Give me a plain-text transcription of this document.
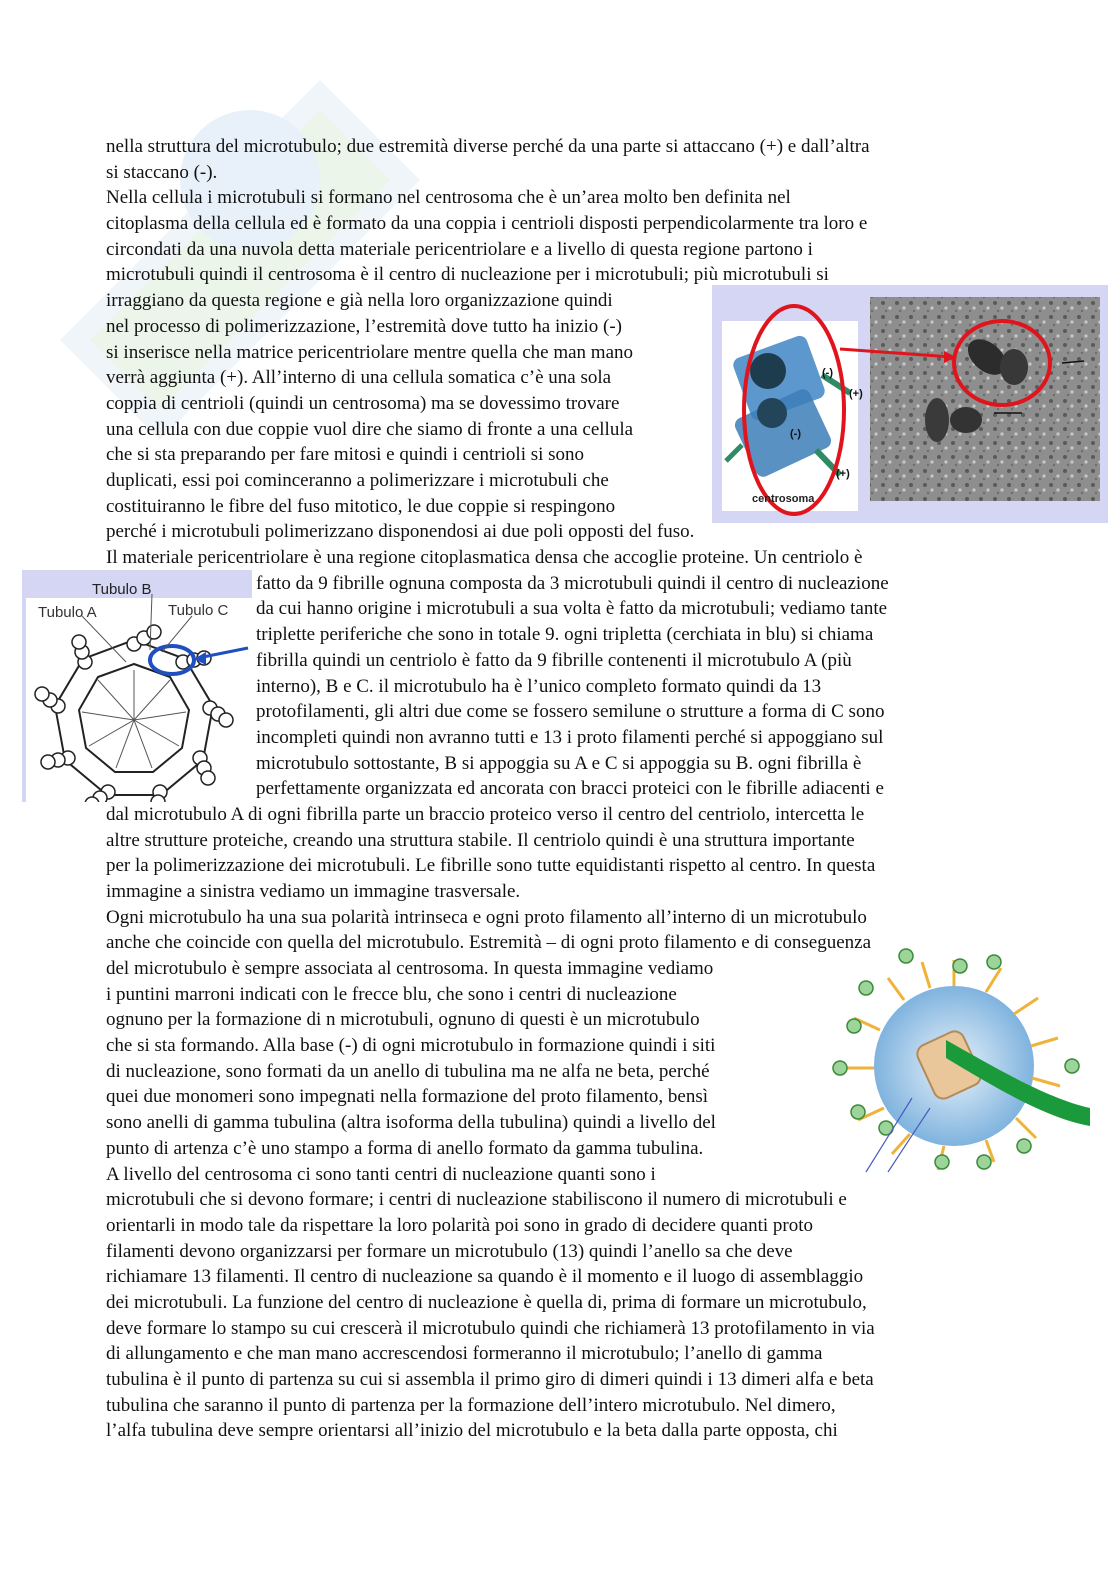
(-)
(+)
(-)
(+)
centrosoma
Tubulo B
Tubulo A	Tubulo C
nella struttura del microtubulo; due estremità diverse perché da una parte si attaccano (+) e dall’altra
si staccano (-).
Nella cellula i microtubuli si formano nel centrosoma che è un’area molto ben definita nel
citoplasma della cellula ed è formato da una coppia i centrioli disposti perpendicolarmente tra loro e
circondati da una nuvola detta materiale pericentriolare e a livello di questa regione partono i
microtubuli quindi il centrosoma è il centro di nucleazione per i microtubuli; più microtubuli si
irraggiano da questa regione e già nella loro organizzazione quindi
nel processo di polimerizzazione, l’estremità dove tutto ha inizio (-)
si inserisce nella matrice pericentriolare mentre quella che man mano
verrà aggiunta (+). All’interno di una cellula somatica c’è una sola
coppia di centrioli (quindi un centrosoma) ma se dovessimo trovare
una cellula con due coppie vuol dire che siamo di fronte a una cellula
che si sta preparando per fare mitosi e quindi i centrioli si sono
duplicati, essi poi cominceranno a polimerizzare i microtubuli che
costituiranno le fibre del fuso mitotico, le due coppie si respingono
perché i microtubuli polimerizzano disponendosi ai due poli opposti del fuso.
Il materiale pericentriolare è una regione citoplasmatica densa che accoglie proteine. Un centriolo è
fatto da 9 fibrille ognuna composta da 3 microtubuli quindi il centro di nucleazione
da cui hanno origine i microtubuli a sua volta è fatto da microtubuli; vediamo tante
triplette periferiche che sono in totale 9. ogni tripletta (cerchiata in blu) si chiama
fibrilla quindi un centriolo è fatto da 9 fibrille contenenti il microtubulo A (più
interno), B e C. il microtubulo ha è l’unico completo formato quindi da 13
protofilamenti, gli altri due come se fossero semilune o strutture a forma di C sono
incompleti quindi non avranno tutti e 13 i proto filamenti perché si appoggiano sul
microtubulo sottostante, B si appoggia su A e C si appoggia su B. ogni fibrilla è
perfettamente organizzata ed ancorata con bracci proteici con le fibrille adiacenti e
dal microtubulo A di ogni fibrilla parte un braccio proteico verso il centro del centriolo, intercetta le
altre strutture proteiche, creando una struttura stabile. Il centriolo quindi è una struttura importante
per la polimerizzazione dei microtubuli. Le fibrille sono tutte equidistanti rispetto al centro. In questa
immagine a sinistra vediamo un immagine trasversale.
Ogni microtubulo ha una sua polarità intrinseca e ogni proto filamento all’interno di un microtubulo
anche che coincide con quella del microtubulo. Estremità – di ogni proto filamento e di conseguenza
del microtubulo è sempre associata al centrosoma. In questa immagine vediamo
i puntini marroni indicati con le frecce blu, che sono i centri di nucleazione
ognuno per la formazione di n microtubuli, ognuno di questi è un microtubulo
che si sta formando. Alla base (-) di ogni microtubulo in formazione quindi i siti
di nucleazione, sono formati da un anello di tubulina ma ne alfa ne beta, perché
quei due monomeri sono impegnati nella formazione del proto filamento, bensì
sono anelli di gamma tubulina (altra isoforma della tubulina) quindi a livello del
punto di artenza c’è uno stampo a forma di anello formato da gamma tubulina.
A livello del centrosoma ci sono tanti centri di nucleazione quanti sono i
microtubuli che si devono formare; i centri di nucleazione stabiliscono il numero di microtubuli e
orientarli in modo tale da rispettare la loro polarità poi sono in grado di decidere quanti proto
filamenti devono organizzarsi per formare un microtubulo (13) quindi l’anello sa che deve
richiamare 13 filamenti. Il centro di nucleazione sa quando è il momento e il luogo di assemblaggio
dei microtubuli. La funzione del centro di nucleazione è quella di, prima di formare un microtubulo,
deve formare lo stampo su cui crescerà il microtubulo quindi che richiamerà 13 protofilamento in via
di allungamento e che man mano accrescendosi formeranno il microtubulo; l’anello di gamma
tubulina è il punto di partenza su cui si assembla il primo giro di dimeri quindi i 13 dimeri alfa e beta
tubulina che saranno il punto di partenza per la formazione dell’intero microtubulo. Nel dimero,
l’alfa tubulina deve sempre orientarsi all’inizio del microtubulo e la beta dalla parte opposta, chi
